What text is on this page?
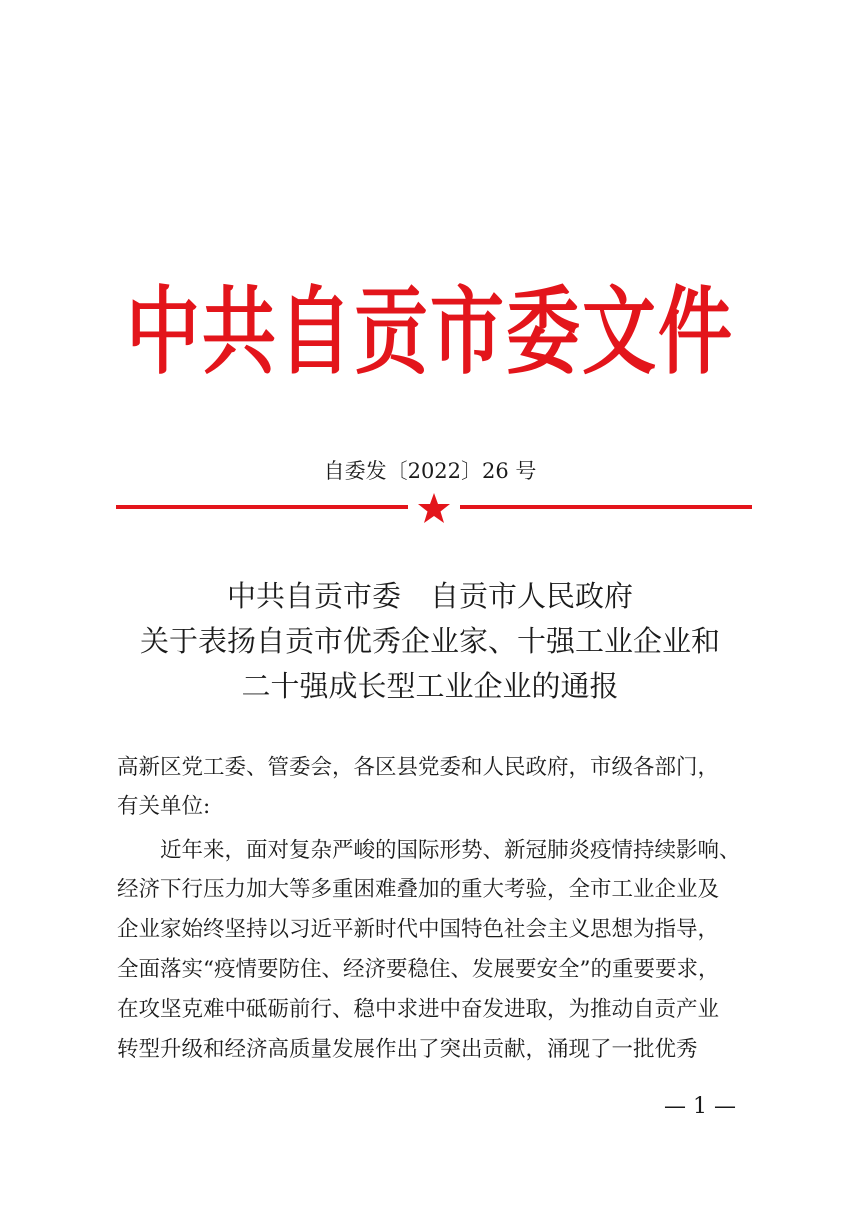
中共自贡市委文件
自委发〔2022〕26 号
中共自贡市委　自贡市人民政府
关于表扬自贡市优秀企业家、十强工业企业和
二十强成长型工业企业的通报
高新区党工委、管委会，各区县党委和人民政府，市级各部门，
有关单位:
　　近年来，面对复杂严峻的国际形势、新冠肺炎疫情持续影响、
经济下行压力加大等多重困难叠加的重大考验，全市工业企业及
企业家始终坚持以习近平新时代中国特色社会主义思想为指导，
全面落实“疫情要防住、经济要稳住、发展要安全”的重要要求，
在攻坚克难中砥砺前行、稳中求进中奋发进取，为推动自贡产业
转型升级和经济高质量发展作出了突出贡献，涌现了一批优秀
— 1 —
